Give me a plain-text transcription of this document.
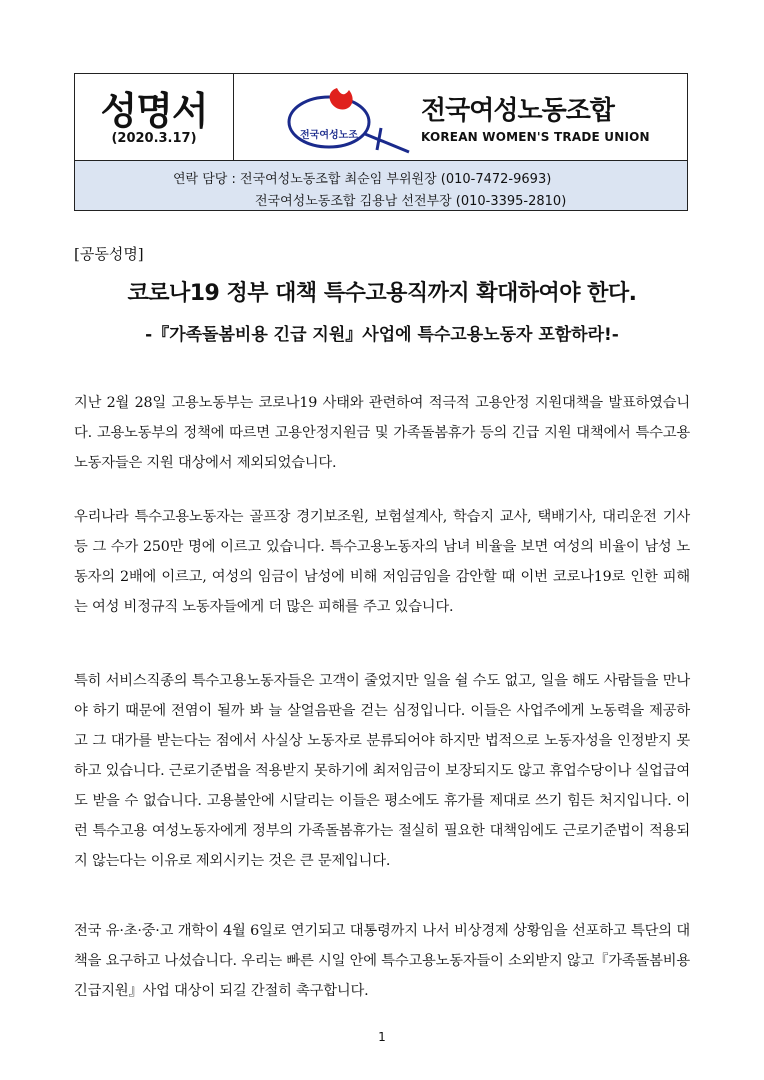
성명서
(2020.3.17)	전국여성노조
전국여성노동조합
KOREAN WOMEN'S TRADE UNION
연락 담당 : 전국여성노동조합 최순임 부위원장 (010-7472-9693)
전국여성노동조합 김용남 선전부장 (010-3395-2810)
[공동성명]
코로나19 정부 대책 특수고용직까지 확대하여야 한다.
-『가족돌봄비용 긴급 지원』사업에 특수고용노동자 포함하라!-

지난 2월 28일 고용노동부는 코로나19 사태와 관련하여 적극적 고용안정 지원대책을 발표하였습니다. 고용노동부의 정책에 따르면 고용안정지원금 및 가족돌봄휴가 등의 긴급 지원 대책에서 특수고용노동자들은 지원 대상에서 제외되었습니다.

우리나라 특수고용노동자는 골프장 경기보조원, 보험설계사, 학습지 교사, 택배기사, 대리운전 기사 등 그 수가 250만 명에 이르고 있습니다. 특수고용노동자의 남녀 비율을 보면 여성의 비율이 남성 노동자의 2배에 이르고, 여성의 임금이 남성에 비해 저임금임을 감안할 때 이번 코로나19로 인한 피해는 여성 비정규직 노동자들에게 더 많은 피해를 주고 있습니다.

특히 서비스직종의 특수고용노동자들은 고객이 줄었지만 일을 쉴 수도 없고, 일을 해도 사람들을 만나야 하기 때문에 전염이 될까 봐 늘 살얼음판을 걷는 심정입니다. 이들은 사업주에게 노동력을 제공하고 그 대가를 받는다는 점에서 사실상 노동자로 분류되어야 하지만 법적으로 노동자성을 인정받지 못하고 있습니다. 근로기준법을 적용받지 못하기에 최저임금이 보장되지도 않고 휴업수당이나 실업급여도 받을 수 없습니다. 고용불안에 시달리는 이들은 평소에도 휴가를 제대로 쓰기 힘든 처지입니다. 이런 특수고용 여성노동자에게 정부의 가족돌봄휴가는 절실히 필요한 대책임에도 근로기준법이 적용되지 않는다는 이유로 제외시키는 것은 큰 문제입니다.

전국 유·초·중·고 개학이 4월 6일로 연기되고 대통령까지 나서 비상경제 상황임을 선포하고 특단의 대책을 요구하고 나섰습니다. 우리는 빠른 시일 안에 특수고용노동자들이 소외받지 않고『가족돌봄비용 긴급지원』사업 대상이 되길 간절히 촉구합니다.

1
